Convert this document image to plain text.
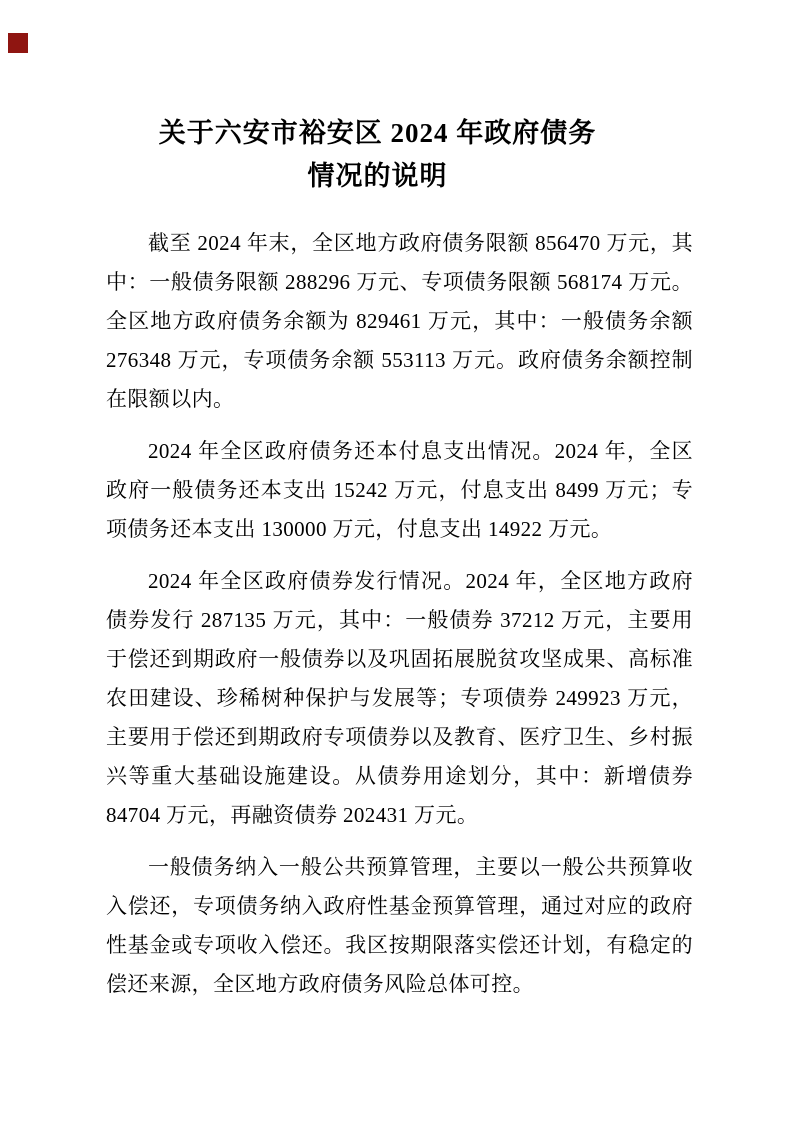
关于六安市裕安区 2024 年政府债务
情况的说明
截至 2024 年末，全区地方政府债务限额 856470 万元，其
中：一般债务限额 288296 万元、专项债务限额 568174 万元。
全区地方政府债务余额为 829461 万元，其中：一般债务余额
276348 万元，专项债务余额 553113 万元。政府债务余额控制
在限额以内。
2024 年全区政府债务还本付息支出情况。2024 年，全区
政府一般债务还本支出 15242 万元，付息支出 8499 万元；专
项债务还本支出 130000 万元，付息支出 14922 万元。
2024 年全区政府债券发行情况。2024 年，全区地方政府
债券发行 287135 万元，其中：一般债券 37212 万元，主要用
于偿还到期政府一般债券以及巩固拓展脱贫攻坚成果、高标准
农田建设、珍稀树种保护与发展等；专项债券 249923 万元，
主要用于偿还到期政府专项债券以及教育、医疗卫生、乡村振
兴等重大基础设施建设。从债券用途划分，其中：新增债券
84704 万元，再融资债券 202431 万元。
一般债务纳入一般公共预算管理，主要以一般公共预算收
入偿还，专项债务纳入政府性基金预算管理，通过对应的政府
性基金或专项收入偿还。我区按期限落实偿还计划，有稳定的
偿还来源，全区地方政府债务风险总体可控。
